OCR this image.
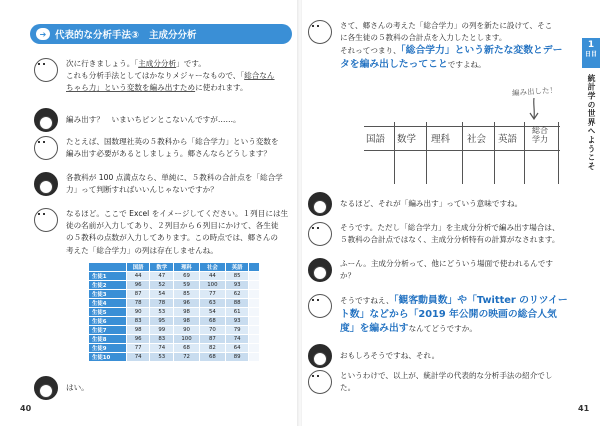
➔ 代表的な分析手法③ 主成分分析
次に行きましょう。「主成分分析」です。
これも分析手法としてはかなりメジャーなもので、「総合なん
ちゃら力」という変数を編み出すために使われます。
編み出す？　いまいちピンとこないんですが……。
たとえば、国数理社英の５教科から「総合学力」という変数を
編み出す必要があるとしましょう。郷さんならどうします？
各教科が 100 点満点なら、単純に、５教科の合計点を「総合学
力」って判断すればいいんじゃないですか？
なるほど。ここで Excel をイメージしてください。１列目には生
徒の名前が入力してあり、２列目から６列目にかけて、各生徒
の５教科の点数が入力してあります。この時点では、郷さんの
考えた「総合学力」の列は存在しませんね。
	国語	数学	理科	社会	英語	
生徒1	44	47	69	44	85	
生徒2	96	52	59	100	93	
生徒3	87	54	85	77	62	
生徒4	78	78	96	63	88	
生徒5	90	53	98	54	61	
生徒6	83	95	98	68	93	
生徒7	98	99	90	70	79	
生徒8	96	83	100	87	74	
生徒9	77	74	68	82	64	
生徒10	74	53	72	68	89	
はい。
40
さて、郷さんの考えた「総合学力」の列を新たに設けて、そこ
に各生徒の５教科の合計点を入力したとします。
それってつまり、「総合学力」という新たな変数とデー
タを編み出したってことですよね。
なるほど、それが「編み出す」っていう意味ですね。
そうです。ただし「総合学力」を主成分分析で編み出す場合は、
５教科の合計点ではなく、主成分分析特有の計算がなされます。
ふーん。主成分分析って、他にどういう場面で使われるんです
か？
そうですねえ、「観客動員数」や「Twitter のリツイー
ト数」などから「2019 年公開の映画の総合人気
度」を編み出すなんてどうですか。
おもしろそうですね、それ。
というわけで、以上が、統計学の代表的な分析手法の紹介でし
た。
41
1
日目
統計学の世界へようこそ
編み出した！
国語 数学 理科 社会 英語
総合
学力
